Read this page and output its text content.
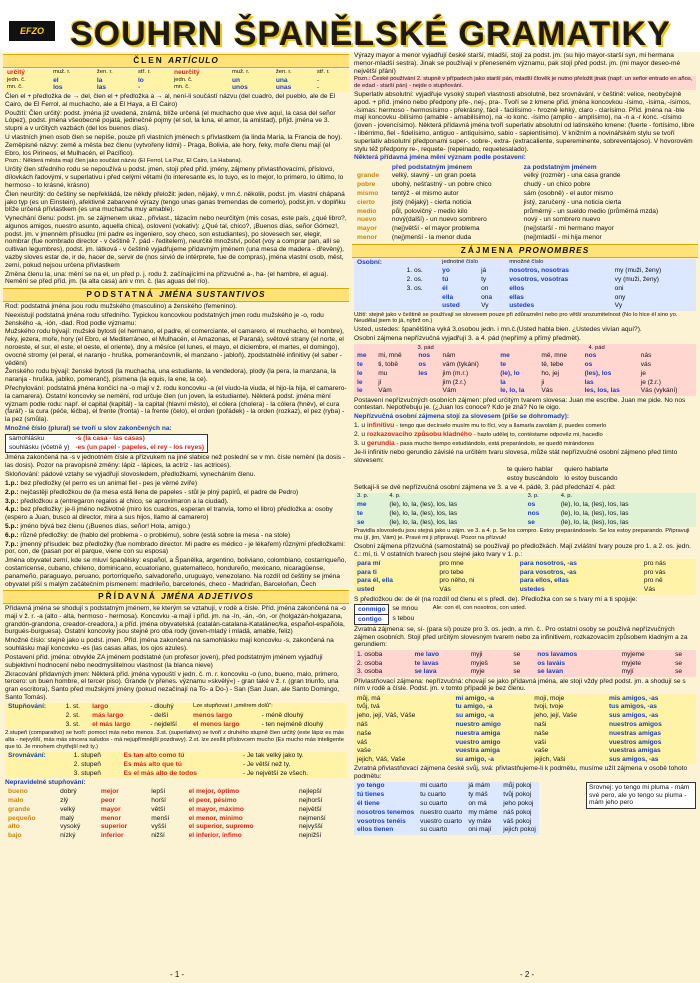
EFZO SOUHRN ŠPANĚLSKÉ GRAMATIKY
ČLEN ARTÍCULO
určitý	muž. r.	žen. r.	stř. r.	neurčitý	muž. r.	žen. r.	stř. r.
jedn. č.	el	la	lo	jedn. č.	un	una	-
mn. č.	los	las	-	mn. č.	unos	unas	-

Člen el + předložka de → del, člen el + předložka a → al, není-li součástí názvu (del cuadro, del pueblo, ale de El Cairo, de El Ferrol, al muchacho, ale a El Haya, a El Cairo)

Použití: Člen určitý: podst. jména již uvedená, známá, blíže určená (el muchacho que vive aquí, la casa del señor López), podst. jména všeobecně pojatá, jedinečné pojmy (el sol, la luna, el amor, la amistad), příjd. jména ve 3. stupni a v určitých vazbách (del los buenos días).

U vlastních jmen osob člen se nepíše, pouze při vlastních jménech s přívlastkem (la linda María, la Francia de hoy). Zeměpisné názvy: země a města bez členu (vytvořeny lidmi) - Praga, Bolivia, ale hory, řeky, moře členu mají (el Ebro, los Pirineos, el Mulhacén, el Pacífico).

Pozn.: Některá města mají člen jako součást názvu (El Ferrol, La Paz, El Cairo, La Habana).

Určitý člen středního rodu se nepoužívá u podst. jmen, stojí před příd. jmény, zájmeny přivlastňovacími, příslovci, dílovkách řadovými, v superlativu i před celými větami (lo interesante es, lo tuyo, es lo mejor, lo primero, lo último, lo hermoso - to krásné, krásno)

Člen neurčitý: do češtiny se nepřekládá, lze někdy přeložit: jeden, nějaký, v mn.č. několik, podst. jm. vlastní chápaná jako typ (es un Einstein), afektivně zabarvené výrazy (tengo unas ganas tremendas de comerlo), podst.jm. v doplňku blíže určená přívlastkem (es una muchacha muy amable).

Vynechání členu: podst. jm. se zájmenem ukaz., přivlast., tázacím nebo neurčitým (mis cosas, este país, ¿qué libro?, algunos amigos, nuestro asunto, aquella chica), oslovení (vokativ): ¿Qué tal, chico?, ¡Buenos días, señor Gómez!, podst. jm. v jmenném přísudku (mi padre es ingeniero, soy checo, son estudiantes), po slovesech ser, elegir, nombrar (fue nombrado director - v češtině 7. pád - ředitelem), neurčité množství, počet (voy a comprar pan, allí se cultivan legumbres), podst. jm. látková - v češtině vyjadřujeme přídavným jménem (una mesa de madera - dřevěný), vazby sloves estar de, ir de, hacer de, servir de (nos sirvió de intérprete, fue de compras), jména vlastní osob, měst, zemí, pokud nejsou určena přívlastkem

Změna členu la, una: mění se na el, un před p. j. rodu ž. začínajícími na přízvučné a-, ha- (el hambre, el agua). Nemění se před příd. jm. (la alta casa) ani v mn. č. (las aguas del río).

PODSTATNÁ JMÉNA SUSTANTIVOS

Rod: podstatná jména jsou rodu mužského (masculino) a ženského (femenino).

Neexistují podstatná jména rodu středního. Typickou koncovkou podstatných jmen rodu mužského je -o, rodu ženského -a, -ión, -dad. Rod podle významu:

Mužského rodu bývají: mužské bytosti (el hermano, el padre, el comerciante, el camarero, el muchacho, el hombre), řeky, jezera, moře, hory (el Ebro, el Mediterráneo, el Mulhacén, el Amazonas, el Paraná), světové strany (el norte, el noroeste, el sur, el este, el oeste, el oriente), dny a měsíce (el lunes, el mayo, el diciembre, el martes, el domingo), ovocné stromy (el peral, el naranjo - hruška, pomerančovník, el manzano - jabloň), zpodstatnělé infinitivy (el saber - vědění)

Ženského rodu bývají: ženské bytosti (la muchacha, una estudiante, la vendedora), plody (la pera, la manzana, la naranja - hruška, jablko, pomeranč), písmena (la equis, la ene, la ce).

Přechylování: podstatná jména končící na -o mají v ž. rodu koncovku -a (el viudo-la viuda, el hijo-la hija, el camarero-la camarera). Ostatní koncovky se nemění, rod určuje člen (un joven, la estudiante). Některá podst. jména mění význam podle rodu: např. el capital (kapitál) - la capital (hlavní město), el cólera (cholera) - la cólera (hněv), el cura (farář) - la cura (péče, léčba), el frente (fronta) - la frente (čelo), el orden (pořádek) - la orden (rozkaz), el pez (ryba) - la pez (smůla).

Množné číslo (plural) se tvoří u slov zakončených na:

samohlásku	-s (la casa - las casas)
souhlásku (včetně y)	-es (un papel - papeles, el rey - los reyes)

Jména zakončená na -s v jednotném čísle a přízvukem na jiné slabice než poslední se v mn. čísle nemění (la dosis - las dosis). Pozor na pravopisné změny: lápiz - lápices, la actriz - las actrices).

Skloňování: pádové vztahy se vyjadřují slovosledem, předložkami, vynecháním členu.

1.p.: bez předložky (el perro es un animal fiel - pes je věrné zvíře)

2.p.: nejčastěji předložkou de (la mesa está llena de papeles - stůl je plný papírů, el padre de Pedro)

3.p.: předložkou a (entregaron regalos al chico, se aproximaron a la ciudad).

4.p.: bez předložky: je-li jméno neživotné (miro los cuadros, esperan el tranvía, tomo el libro) předložka a: osoby (espero a Juan, busco al director, mira a sus hijos, llamo al camarero)

5.p.: jméno bývá bez členu (¡Buenos días, señor! Hola, amigo.)

6.p.: různé předložky: de (hablo del problema - o problému), sobre (está sobre la mesa - na stole)

7.p.: jmenný přísudek: bez předložky (fue nombrado director. Mi padre es médico - je lékařem) různými předložkami: por, con, de (pasan por el parque, viene con su esposa)

Jména obyvatel zemí, kde se mluví španělsky: español, a Španělka, argentino, boliviano, colombiano, costarriqueño, costarricense, cubano, chileno, dominicano, ecuatoriano, guatemalteco, hondureño, mexicano, nicaragüense, panameño, paraguayo, peruano, portorriqueño, salvadoreño, uruguayo, venezolano. Na rozdíl od češtiny se jména obyvatel píší s malým začátečním písmenem: madrileño, barcelonés, checo - Madriďan, Barceloňan, Čech

PŘÍDAVNÁ JMÉNA ADJETIVOS

Přídavná jména se shodují s podstatným jménem, ke kterým se vztahují, v rodě a čísle. Příd. jména zakončená na -o mají v ž. r. -a (alto - alta, hermoso - hermosa). Koncovku -a mají i příd. jm. na -ín, -án, -ón, -or (holgazán-holgazana, grandón-grandona, creador-creadora,) a příd. jména obyvatelská (catalán-catalana-Katalánec/ka, español-española, burgués-burguesa). Ostatní koncovky jsou stejné pro oba rody (joven-mladý i mladá, amable, feliz)

Množné číslo: stejně jako u podst. jmen. Příd. jména zakončená na samohlásku mají koncovku -s, zakončená na souhlásku mají koncovku -es (las casas altas, los ojos azules).

Postavení příd. jména: obvykle ZA jménem podstatné (un profesor joven), před podstatným jménem vyjadřují subjektivní hodnocení nebo neodmyslitelnou vlastnost (la blanca nieve)

Zkracování přídavných jmen: Některá příd. jména vypouští v jedn. č. m. r. koncovku -o (uno, bueno, malo, primero, tercero: un buen hombre, el tercer piso). Grande (v přenes. významu »skvělý«) - gran také v ž. r. (gran triunfo, una gran escritora), Santo před mužskými jmény (pokud nezačínají na To- a Do-) - San (San Juan, ale Santo Domingo, Santo Tomás).

Stupňování:	1. st.	largo	- dlouhý	Lze stupňovat i „směrem dolů":	
	2. st.	más largo	- delší	menos largo	- méně dlouhý
	3. st.	el más largo	- nejdelší	el menos largo	- ten nejméně dlouhý

2.stupeň (comparativo) se tvoří: pomocí más nebo menos. 3.st. (superlativo) se tvoří z druhého stupně člen určitý (este lápiz es más alta - nejvyšší, más más sincera saludos - má nejupřímnější pozdravy). 2.st. lze zesílit příslovcem mucho (Es mucho más inteligente que tú. Je mnohem chytřejší než ty.)

Srovnávání:	1. stupeň	Es tan alto como tú	- Je tak velký jako ty.
	2. stupeň	Es más alto que tú	- Je větší než ty.
	3. stupeň	Es el más alto de todos	- Je největší ze všech.

Nepravidelné stupňování:

bueno	dobrý	mejor	lepší	el mejor, óptimo	nejlepší
malo	zlý	peor	horší	el peor, pésimo	nejhorší
grande	velký	mayor	větší	el mayor, máximo	největší
pequeño	malý	menor	menší	el menor, mínimo	nejmenší
alto	vysoký	superior	vyšší	el superior, supremo	nejvyšší
bajo	nízký	inferior	nižší	el inferior, ínfimo	nejnižší

Výrazy mayor a menor vyjadřují české starší, mladší, stojí za podst. jm. (su hijo mayor-starší syn, mi hermana menor-mladší sestra). Jinak se používají v přeneseném významu, pak stojí před podst. jm. (mi mayor deseo-mé největší přání)

Pozn.: České používání 2. stupně v případech jako starší pán, mladší člověk je nutno přeložit jinak (např. un señor entrado en años, de edad - starší pán) - nejde o stupňování.

Superlativ absolutní: vyjadřuje vysoký stupeň vlastnosti absolutně, bez srovnávání, v češtině: velice, neobyčejně apod. + příd. jméno nebo předpony pře-, nej-, pra-. Tvoří se z kmene příd. jména koncovkou -ísimo, -ísima, -ísimos, -ísimas: hermoso - hermosísimo - překrásný, fácil - facilísimo - hrozně lehký, claro - clarísimo. Příd. jména na -ble mají koncovku -bilísimo (amable - amabilísimo), na -io konc. -ísimo (amplio - amplísimo), na -n a -r konc. -císimo (joven - jovencísimo). Některá přídavná jména tvoří superlativ absolutní od latinského kmene: (fuerte - fortísimo, libre - libérrimo, fiel - fidelísimo, antiguo - antiquísimo, sabio - sapientísimo). V knižním a novinářském stylu se tvoří superlativ absolutní předponami super-, sobre-, extra- (extracaliente, supereminente, sobreventajoso). V hovorovém stylu též předpony re-, requete- (repeinado, requetesalado).

Některá přídavná jména mění význam podle postavení:

	před podstatným jménem	za podstatným jménem
grande	velký, slavný - un gran poeta	velký (rozměr) - una casa grande
pobre	ubohý, nešťastný - un pobre chico	chudý - un chico pobre
mismo	tentýž - el mismo autor	sám (osobně) - el autor mismo
cierto	jistý (nějaký) - cierta noticia	jistý, zaručený - una noticia cierta
medio	půl, polovičný - medio kilo	průměrný - un sueldo medio (průměrná mzda)
nuevo	nový(další) - un nuevo sombrero	nový - un sombrero nuevo
mayor	(nej)větší - el mayor problema	(nej)starší - mi hermano mayor
menor	(nej)menší - la menor duda	(nej)mladší - mi hija menor
ZÁJMENA PRONOMBRES
Osobní:		jednotné číslo		množné číslo	
	1. os.	yo	já	nosotros, nosotras	my (muži, ženy)
	2. os.	tú	ty	vosotros, vosotras	vy (muži, ženy)
	3. os.	él	on	ellos	oni
		ella	ona	ellas	ony
		usted	Vy	ustedes	Vy

Užití: stejně jako v češtině se používají se slovesem pouze při zdůraznění nebo pro větší srozumitelnost (No lo hice él sino yo. Neudělal jsem to já, nýbrž on.)

Usted, ustedes: španělština vyká 3.osobou jedn. i mn.č.(Usted habla bien. ¿Ustedes vivían aquí?).

Osobní zájmena nepřízvučná vyjadřují 3. a 4. pád (nepřímý a přímý předmět).

3. pád				4. pád			
me	mi, mně	nos	nám	me	mě, mne	nos	nás
te	ti, tobě	os	vám (tykání)	te	tě, tebe	os	vás
le	mu	les	jim (m.r.)	(le), lo	ho, jej	(les), los	je
le	jí		jim (ž.r.)	la	ji	las	je (ž.r.)
le	Vám		Vám	le, lo, la	Vás	les, los, las	Vás (vykání)

Postavení nepřízvučných osobních zájmen: před určitým tvarem slovesa: Juan me escribe. Juan me pide. No nos contestan. Nepotřebuju je. (¿Juan los conoce? Kdo je zná? No le oigo.

Nepřízvučná osobní zájmena stojí za slovesem (píše se dohromady):

1. u infinitivu - tengo que decírselo musím mu to říci, voy a llamarla zavolám jí, puedes comerlo

2. u rozkazovacího způsobu kladného - hazlo udělej to, contéstame odpověz mi, hacedlo

3. u gerundia - pasa mucho tiempo estudiándolo, está preparándolo, se quedó mirándonos

Je-li infinitiv nebo gerundio závislé na určitém tvaru slovesa, může stát nepřízvučné osobní zájmeno před tímto slovesem:

te quiero hablar	quiero hablarte
estoy buscándolo	lo estoy buscando

Setkají-li se dvě nepřízvučná osobní zájmena ve 3. a ve 4. pádě, 3. pád předchází 4. pád:

3. p.	4. p.	3. p.	4. p.
me	(le), lo, la, (les), los, las	os	(le), lo, la, (les), los, las
te	(le), lo, la, (les), los, las	nos	(le), lo, la, (les), los, las
se	(le), lo, la, (les), los, las	se	(le), lo, la, (les), los, las

Pravidla slovosledu jsou stejná jako u zájm. ve 3. a 4. p. Se los compro. Estoy preparándoselo. Se los estoy preparando. Připravuji mu (jí, jim, Vám) je. Pravé mi ji připravují. Pozor na přízvuk!

Osobní zájmena přízvučná (samostatná) se používají po předložkách. Mají zvláštní tvary pouze pro 1. a 2. os. jedn. č.: mí, ti. V ostatních tvarech jsou stejné jako tvary v 1. p.:

para mí	pro mne	para nosotros, -as	pro nás
para ti	pro tebe	para vosotros, -as	pro vás
para él, ella	pro něho, ni	para ellos, ellas	pro ně
usted	Vás	ustedes	Vás

S předložkou de: de él (na rozdíl od členu el s předl. de). Předložka con se s tvary mí a ti spojuje:

conmigo	se mnou	Ale: con él, con nosotros, con usted.
contigo	s tebou	

Zvratná zájmena: se, sí- (para sí) pouze pro 3. os. jedn. a mn. č.. Pro ostatní osoby se používá nepřízvučných zájmen osobních. Stojí před určitým slovesným tvarem nebo za infinitivem, rozkazovacím způsobem kladným a za gerundiem:

1. osoba	me lavo	myji	se	nos lavamos	myjeme	se
2. osoba	te lavas	myješ	se	os laváis	myjete	se
3. osoba	se lava	myje	se	se lavan	myjí	se

Přivlastňovací zájmena: nepřízvučná: chovají se jako přídavná jména, ale stojí vždy před podst. jm. a shodují se s ním v rodě a čísle. Podst. jm. v tomto případě je bez členu.

můj, má	mi amigo, -a	moji, moje	mis amigos, -as
tvůj, tvá	tu amigo, -a	tvoji, tvoje	tus amigos, -as
jeho, její, Váš, Váše	su amigo, -a	jeho, její, Vaše	sus amigos, -as
náš	nuestro amigo	naši	nuestros amigos
naše	nuestra amiga	naše	nuestras amigas
váš	vuestro amigo	vaši	vuestros amigos
vaše	vuestra amiga	vaše	vuestras amigas
jejich, Váš, Vaše	su amigo, -a	jejich, Vaši	sus amigos, -as

Zvratná přivlastňovací zájmena české svůj, svá: přivlastňujeme-li k podmětu, musíme užít zájmena v osobě tohoto podmětu:

yo tengo	mi cuarto	já mám	můj pokoj
tú tienes	tu cuarto	ty máš	tvůj pokoj
él tiene	su cuarto	on má	jeho pokoj
nosotros tenemos	nuestro cuarto	my máme	náš pokoj
vosotros tenéis	vuestro cuarto	vy máte	váš pokoj
ellos tienen	su cuarto	oni mají	jejich pokoj
Srovnej: yo tengo mi pluma - mám své pero, ale yo tengo su pluma - mám jeho pero
- 1 -	- 2 -
